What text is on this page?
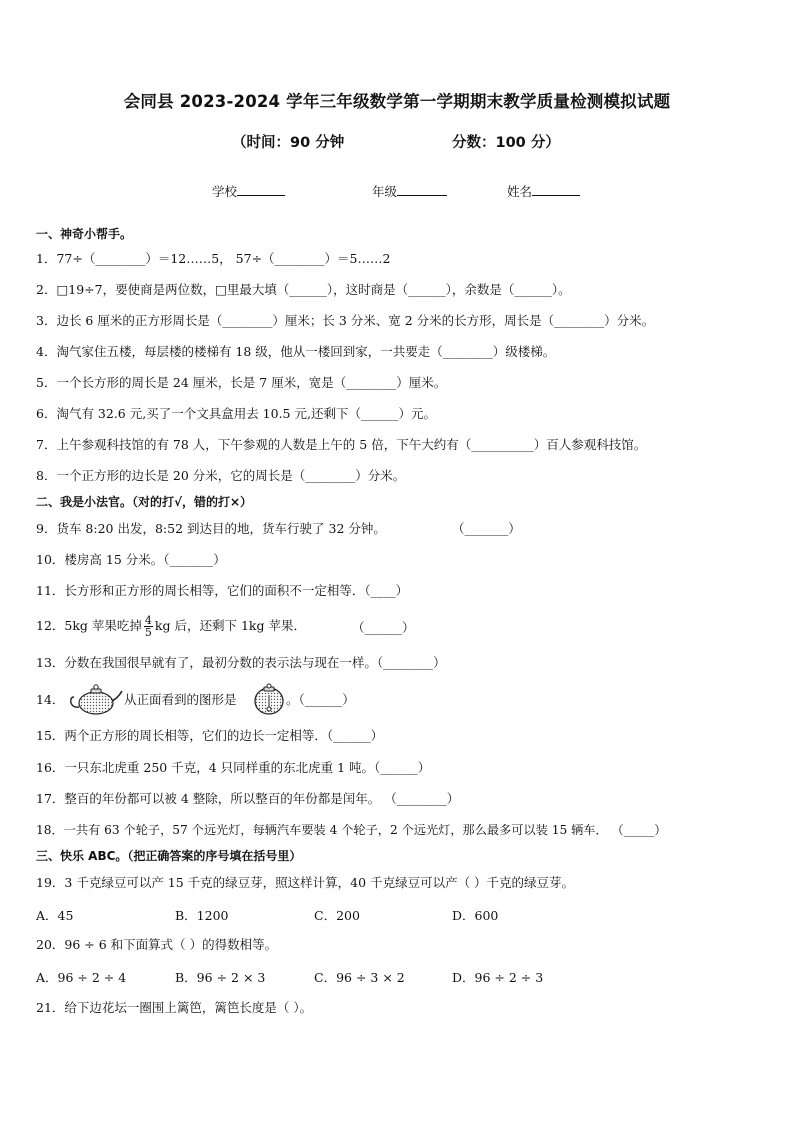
会同县 2023-2024 学年三年级数学第一学期期末教学质量检测模拟试题
（时间：90 分钟	分数：100 分）
学校	年级	姓名
一、神奇小帮手。
1．77÷（________）＝12……5， 57÷（________）＝5……2
2．□19÷7，要使商是两位数，□里最大填（______），这时商是（______），余数是（______）。
3．边长 6 厘米的正方形周长是（________）厘米；长 3 分米、宽 2 分米的长方形，周长是（________）分米。
4．淘气家住五楼，每层楼的楼梯有 18 级，他从一楼回到家，一共要走（________）级楼梯。
5．一个长方形的周长是 24 厘米，长是 7 厘米，宽是（________）厘米。
6．淘气有 32.6 元,买了一个文具盒用去 10.5 元,还剩下（______）元。
7．上午参观科技馆的有 78 人，下午参观的人数是上午的 5 倍，下午大约有（__________）百人参观科技馆。
8．一个正方形的边长是 20 分米，它的周长是（________）分米。
二、我是小法官。（对的打√，错的打×）
9．货车 8:20 出发，8:52 到达目的地，货车行驶了 32 分钟。	（_______）
10．楼房高 15 分米。（_______）
11．长方形和正方形的周长相等，它们的面积不一定相等．（____）
12．5kg 苹果吃掉 $\frac{4}{5}$ kg 后，还剩下 1kg 苹果．	（______）
13．分数在我国很早就有了，最初分数的表示法与现在一样。（________）
14．	从正面看到的图形是	。（______）
15．两个正方形的周长相等，它们的边长一定相等．（______）
16．一只东北虎重 250 千克，4 只同样重的东北虎重 1 吨。（______）
17．整百的年份都可以被 4 整除，所以整百的年份都是闰年。 （________）
18．一共有 63 个轮子，57 个远光灯，每辆汽车要装 4 个轮子，2 个远光灯，那么最多可以装 15 辆车． （_____）
三、快乐 ABC。（把正确答案的序号填在括号里）
19．3 千克绿豆可以产 15 千克的绿豆芽，照这样计算，40 千克绿豆可以产（ ）千克的绿豆芽。
A．45	B．1200	C．200	D．600
20．96 ÷ 6 和下面算式（ ）的得数相等。
A．96 ÷ 2 ÷ 4	B．96 ÷ 2 × 3	C．96 ÷ 3 × 2	D．96 ÷ 2 ÷ 3
21．给下边花坛一圈围上篱笆，篱笆长度是（ ）。
